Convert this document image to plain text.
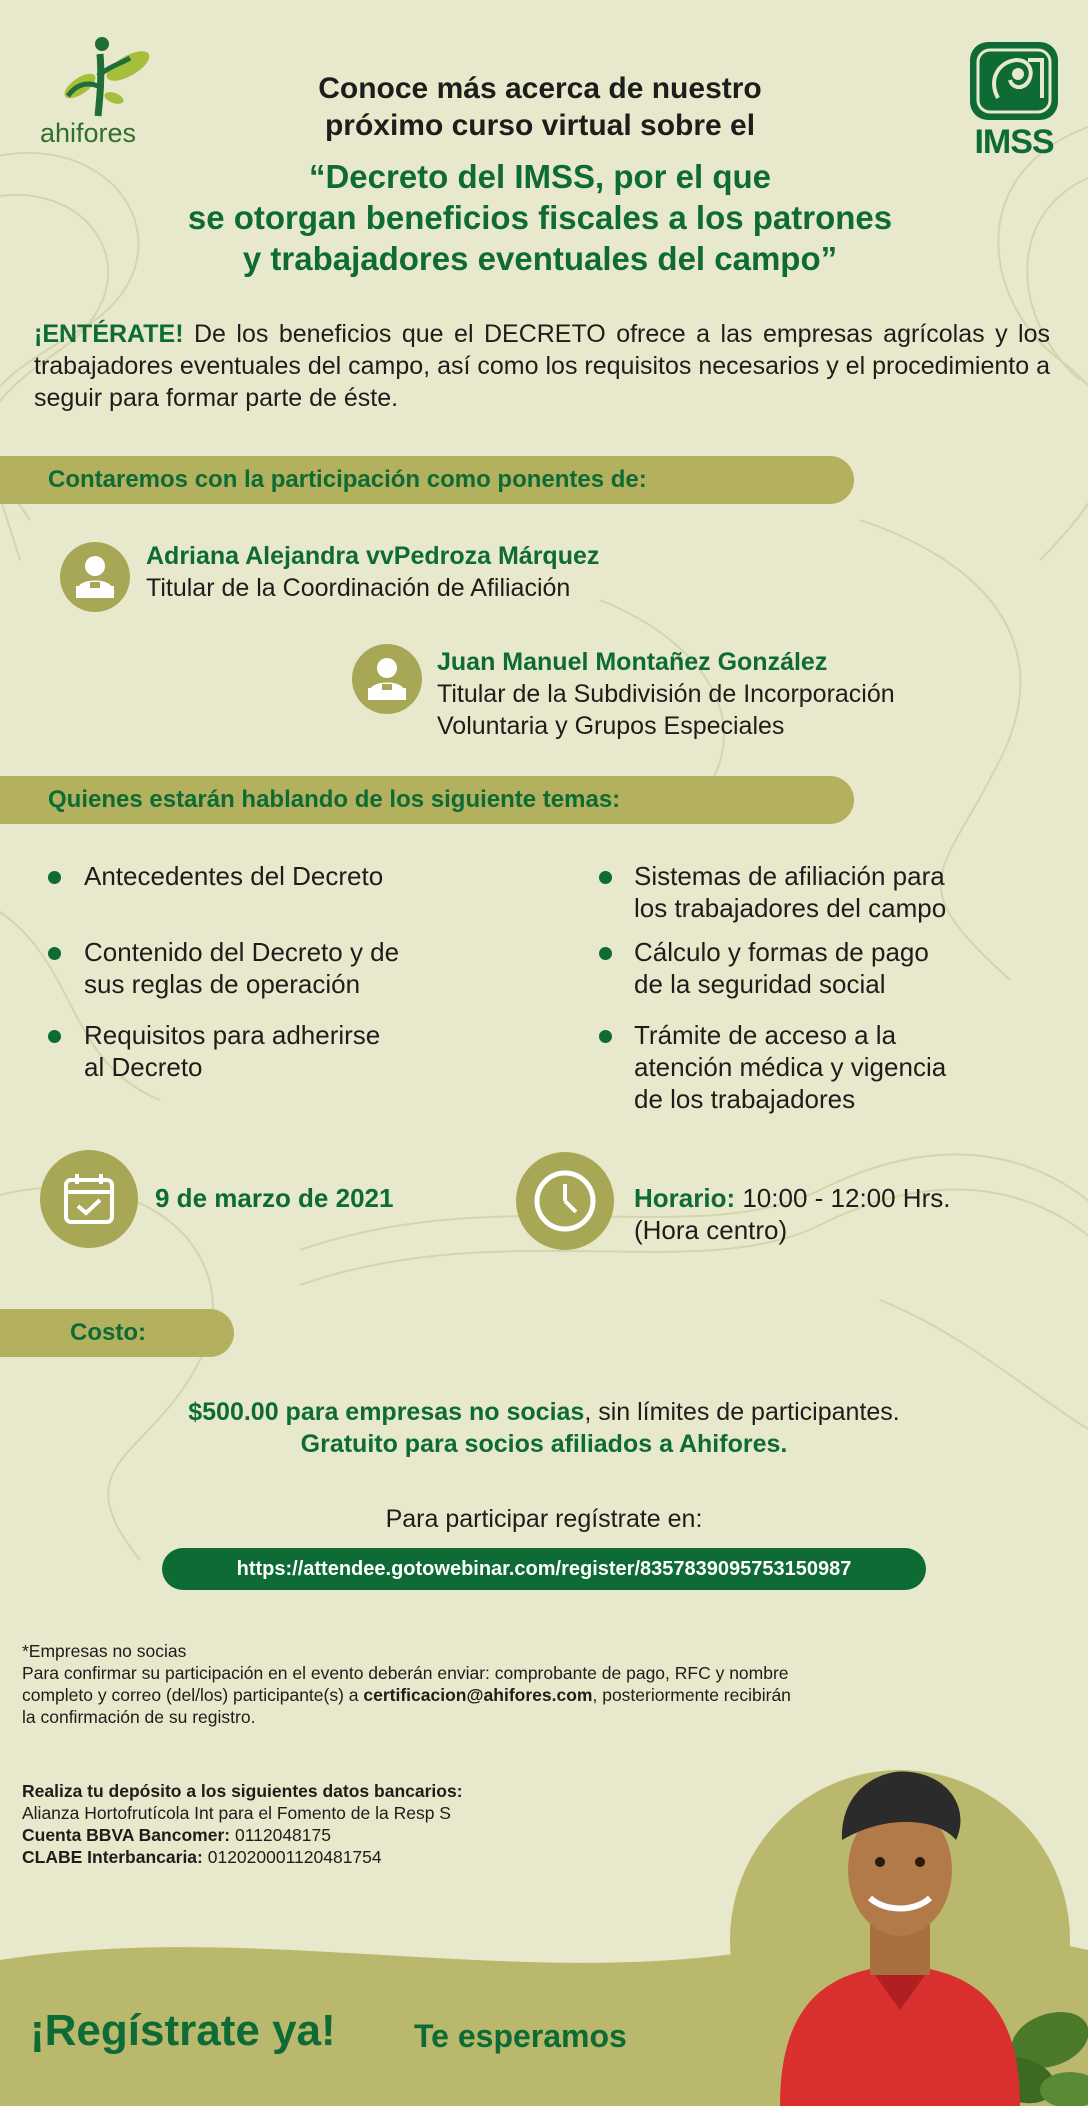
ahifores	IMSS
Conoce más acerca de nuestro
próximo curso virtual sobre el
“Decreto del IMSS, por el que
se otorgan beneficios fiscales a los patrones
y trabajadores eventuales del campo”
¡ENTÉRATE! De los beneficios que el DECRETO ofrece a las empresas agrícolas y los trabajadores eventuales del campo, así como los requisitos necesarios y el procedimiento a seguir para formar parte de éste.
Contaremos con la participación como ponentes de:
Adriana Alejandra vvPedroza Márquez
Titular de la Coordinación de Afiliación
Juan Manuel Montañez González
Titular de la Subdivisión de Incorporación
Voluntaria y Grupos Especiales
Quienes estarán hablando de los siguiente temas:
Antecedentes del Decreto
Contenido del Decreto y de
sus reglas de operación
Requisitos para adherirse
al Decreto
Sistemas de afiliación para
los trabajadores del campo
Cálculo y formas de pago
de la seguridad social
Trámite de acceso a la
atención médica y vigencia
de los trabajadores
9 de marzo de 2021	Horario: 10:00 - 12:00 Hrs.
(Hora centro)
Costo:
$500.00 para empresas no socias, sin límites de participantes.
Gratuito para socios afiliados a Ahifores.
Para participar regístrate en:
https://attendee.gotowebinar.com/register/8357839095753150987
*Empresas no socias
Para confirmar su participación en el evento deberán enviar: comprobante de pago, RFC y nombre
completo y correo (del/los) participante(s) a certificacion@ahifores.com, posteriormente recibirán
la confirmación de su registro.
Realiza tu depósito a los siguientes datos bancarios:
Alianza Hortofrutícola Int para el Fomento de la Resp S
Cuenta BBVA Bancomer: 0112048175
CLABE Interbancaria: 012020001120481754
¡Regístrate ya! Te esperamos
